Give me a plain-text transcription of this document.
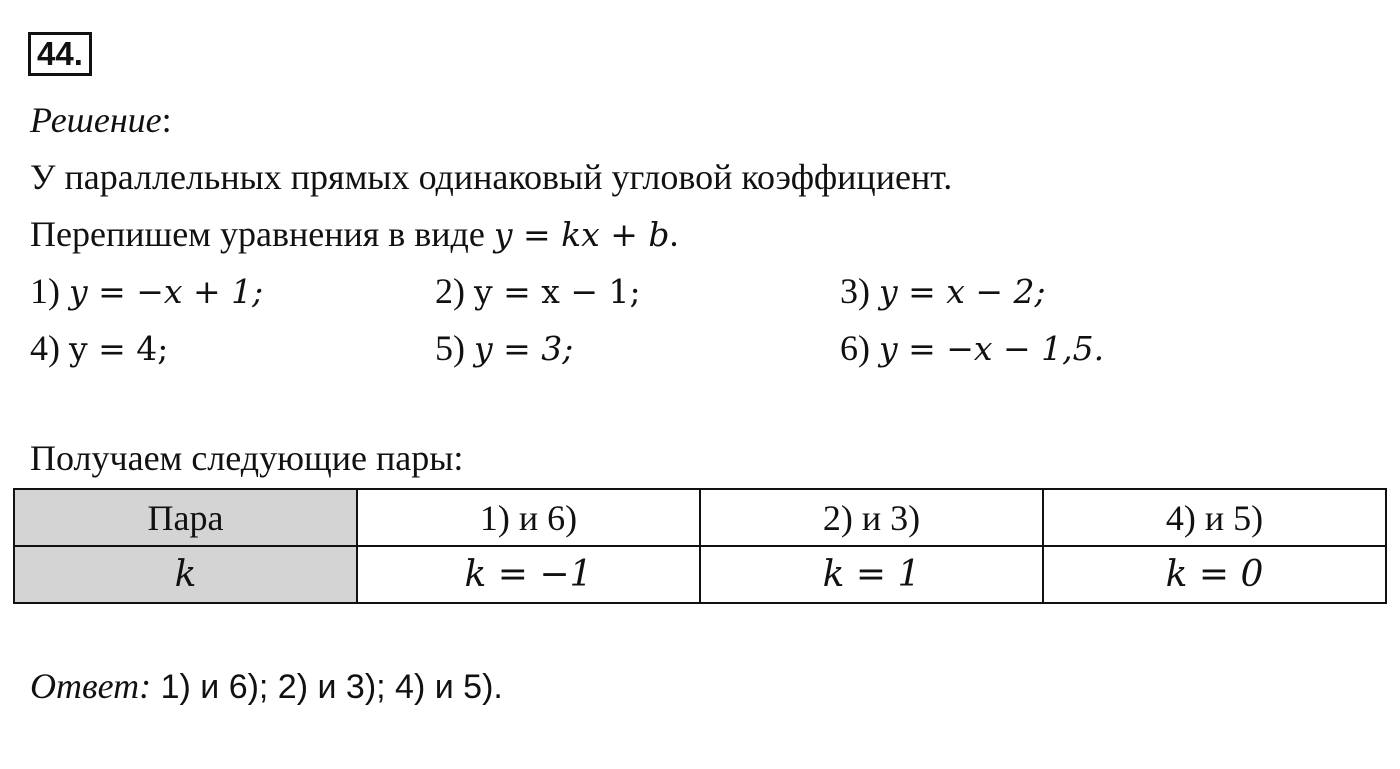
44.
Решение:
У параллельных прямых одинаковый угловой коэффициент.
Перепишем уравнения в виде y = kx + b.
1) y = −x + 1;	2) y = x − 1;	3) y = x − 2;
4) y = 4;	5) y = 3;	6) y = −x − 1,5.
Получаем следующие пары:
Пара	1) и 6)	2) и 3)	4) и 5)
k	k = −1	k = 1	k = 0
Ответ: 1) и 6); 2) и 3); 4) и 5).
